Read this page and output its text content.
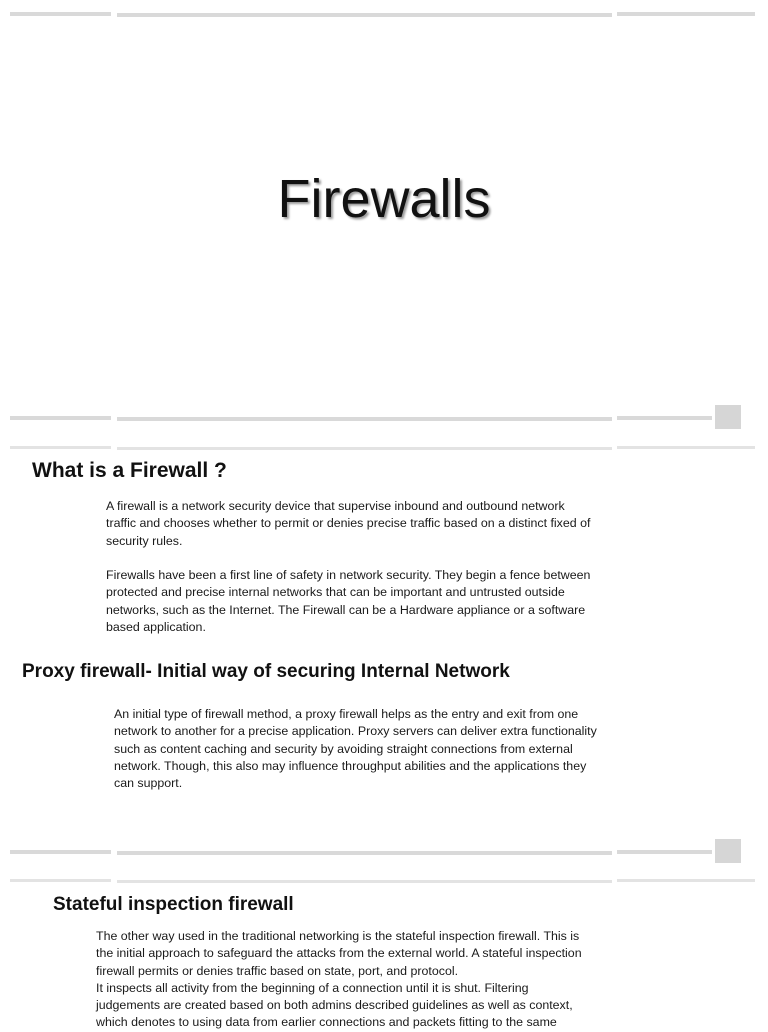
Firewalls
What is a Firewall ?

A firewall is a network security device that supervise inbound and outbound network
traffic and chooses whether to permit or denies precise traffic based on a distinct fixed of
security rules.

Firewalls have been a first line of safety in network security. They begin a fence between
protected and precise internal networks that can be important and untrusted outside
networks, such as the Internet. The Firewall can be a Hardware appliance or a software
based application.

Proxy firewall- Initial way of securing Internal Network

An initial type of firewall method, a proxy firewall helps as the entry and exit from one
network to another for a precise application. Proxy servers can deliver extra functionality
such as content caching and security by avoiding straight connections from external
network. Though, this also may influence throughput abilities and the applications they
can support.

Stateful inspection firewall

The other way used in the traditional networking is the stateful inspection firewall. This is
the initial approach to safeguard the attacks from the external world. A stateful inspection
firewall permits or denies traffic based on state, port, and protocol.
It inspects all activity from the beginning of a connection until it is shut. Filtering
judgements are created based on both admins described guidelines as well as context,
which denotes to using data from earlier connections and packets fitting to the same
